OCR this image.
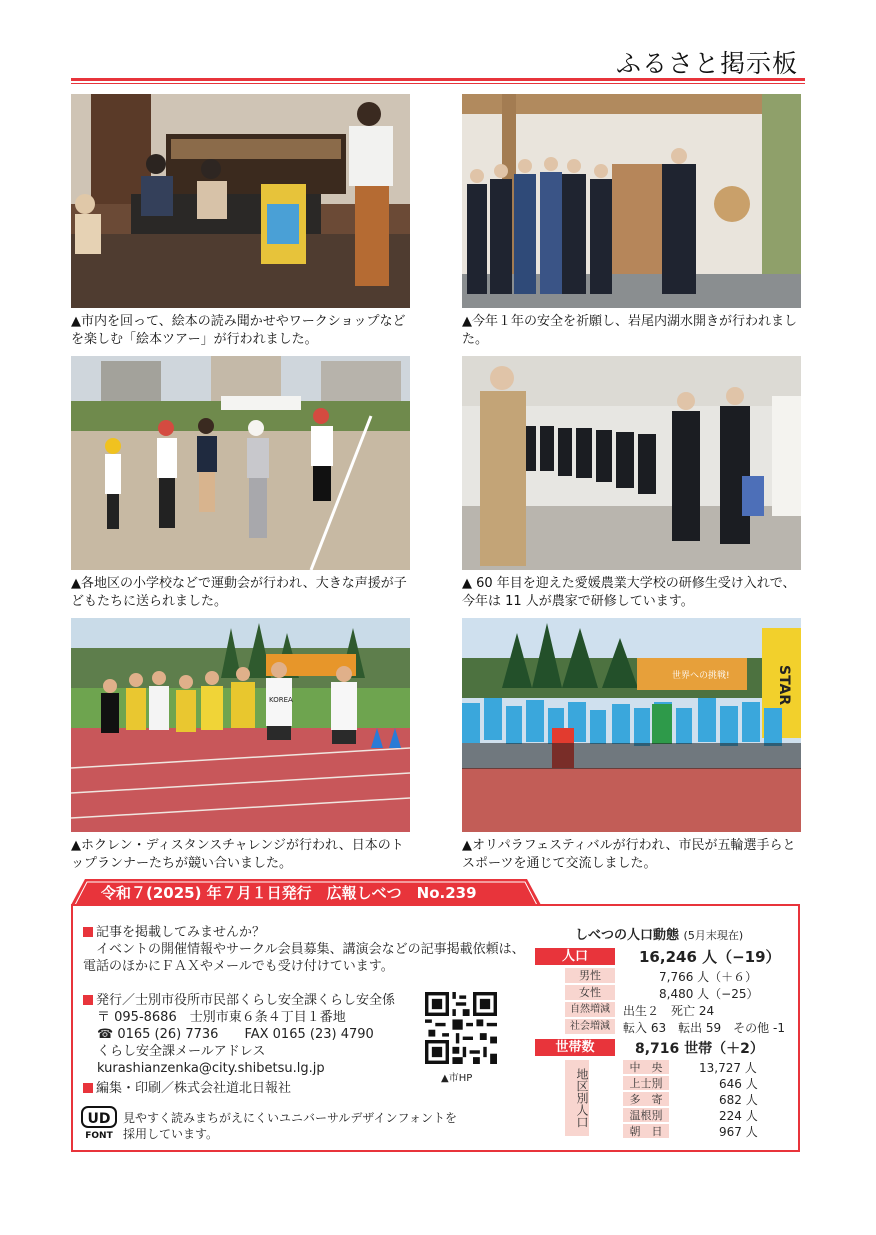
ふるさと掲示板
▲市内を回って、絵本の読み聞かせやワークショップなどを楽しむ「絵本ツアー」が行われました。
▲今年１年の安全を祈願し、岩尾内湖水開きが行われました。
▲各地区の小学校などで運動会が行われ、大きな声援が子どもたちに送られました。
▲ 60 年目を迎えた愛媛農業大学校の研修生受け入れで、今年は 11 人が農家で研修しています。
KOREA
▲ホクレン・ディスタンスチャレンジが行われ、日本のトップランナーたちが競い合いました。
世界への挑戦!	STAR
▲オリパラフェスティバルが行われ、市民が五輪選手らとスポーツを通じて交流しました。
令和７(2025) 年７月１日発行　広報しべつ　No.239
記事を掲載してみませんか？
イベントの開催情報やサークル会員募集、講演会などの記事掲載依頼は、電話のほかにＦＡＸやメールでも受け付けています。
発行／士別市役所市民部くらし安全課くらし安全係
〒 095-8686　士別市東６条４丁目１番地
☎ 0165 (26) 7736　　FAX 0165 (23) 4790
くらし安全課メールアドレス
kurashianzenka@city.shibetsu.lg.jp
編集・印刷／株式会社道北日報社
▲市HP
UD
FONT
見やすく読みまちがえにくいユニバーサルデザインフォントを
採用しています。
しべつの人口動態 (5月末現在)
人口	16,246 人（−19）
男性	7,766 人（＋６）
女性	8,480 人（−25）
自然増減	出生２　死亡 24
社会増減	転入 63　転出 59　その他 -1
世帯数	8,716 世帯（＋2）
地区別人口
中　央	13,727 人
上士別	646 人
多　寄	682 人
温根別	224 人
朝　日	967 人
